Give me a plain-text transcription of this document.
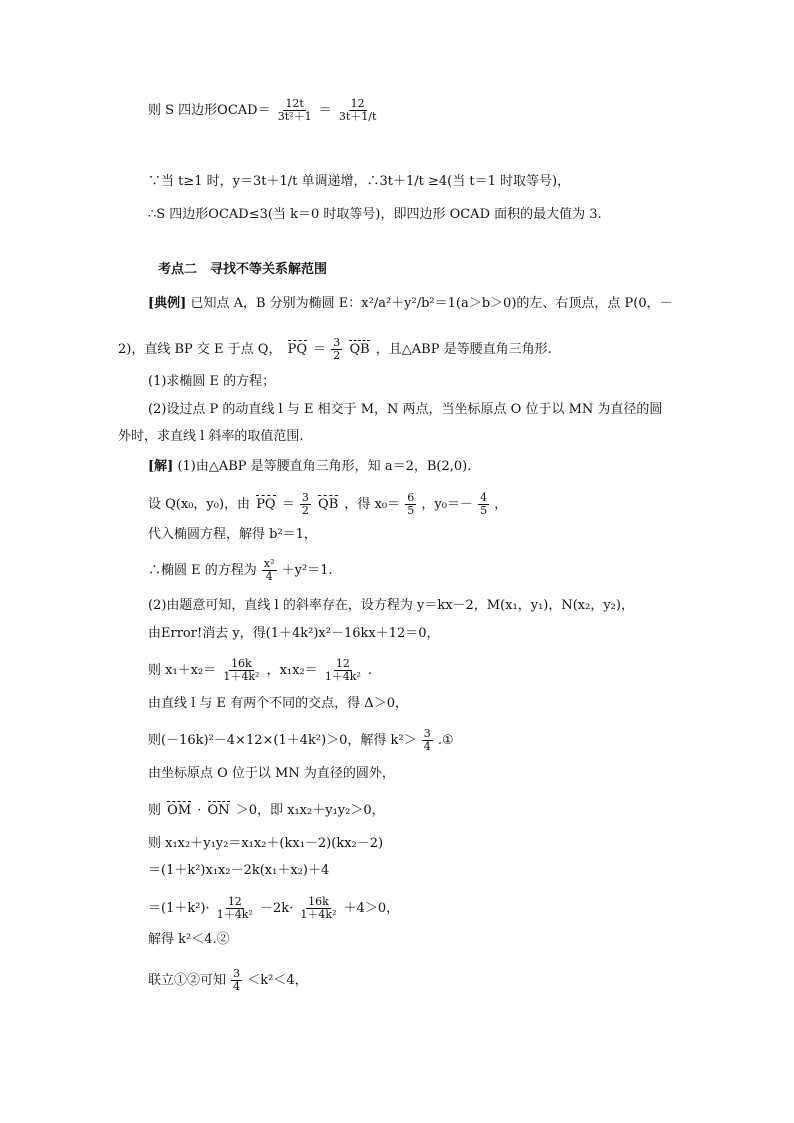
则 S 四边形OCAD＝ $\frac{12t}{\text{3t²＋1}} = \frac{12}{3t+1/t}$
∵当 t≥1 时，y＝3t＋1/t 单调递增，∴3t＋1/t ≥4(当 t＝1 时取等号)，
∴S 四边形OCAD≤3(当 k＝0 时取等号)，即四边形 OCAD 面积的最大值为 3.
考点二　寻找不等关系解范围
[典例] 已知点 A，B 分别为椭圆 E：x²/a²＋y²/b²＝1(a＞b＞0)的左、右顶点，点 P(0，－
2)，直线 BP 交 E 于点 Q， PQ ＝ $\frac{3}{2}$ QB ，且△ABP 是等腰直角三角形.
(1)求椭圆 E 的方程；
(2)设过点 P 的动直线 l 与 E 相交于 M，N 两点，当坐标原点 O 位于以 MN 为直径的圆
外时，求直线 l 斜率的取值范围.
[解] (1)由△ABP 是等腰直角三角形，知 a＝2，B(2,0).
设 Q(x₀，y₀)，由 PQ ＝ $\frac{3}{2}$ QB ，得 $x_0= \frac{6}{5}$ ，$y_0=- \frac{4}{5}$ ，
代入椭圆方程，解得 b²＝1，
∴椭圆 E 的方程为 $\frac{\text{x²}}{4} +y^2=1$.
(2)由题意可知，直线 l 的斜率存在，设方程为 y＝kx－2，M(x₁，y₁)，N(x₂，y₂)，
由Error!消去 y，得(1＋4k²)x²－16kx＋12＝0，
则 $x_1+x_2= \frac{16k}{\text{1＋4k²}}$ ，$x_1x_2= \frac{12}{\text{1＋4k²}}$ .
由直线 l 与 E 有两个不同的交点，得 Δ＞0，
则(－16k)²－4×12×(1＋4k²)＞0，解得 $k^2> \frac{3}{4}$ .①
由坐标原点 O 位于以 MN 为直径的圆外，
则 OM · ON ＞0，即 x₁x₂＋y₁y₂＞0，
则 x₁x₂＋y₁y₂＝x₁x₂＋(kx₁－2)(kx₂－2)
＝(1＋k²)x₁x₂－2k(x₁＋x₂)＋4
$=(1+k^2)\cdot \frac{12}{\text{1＋4k²}} -2k\cdot \frac{16k}{\text{1＋4k²}} +4>0$，
解得 k²＜4.②
联立①②可知 $\frac{3}{4} <k^2<4$，
